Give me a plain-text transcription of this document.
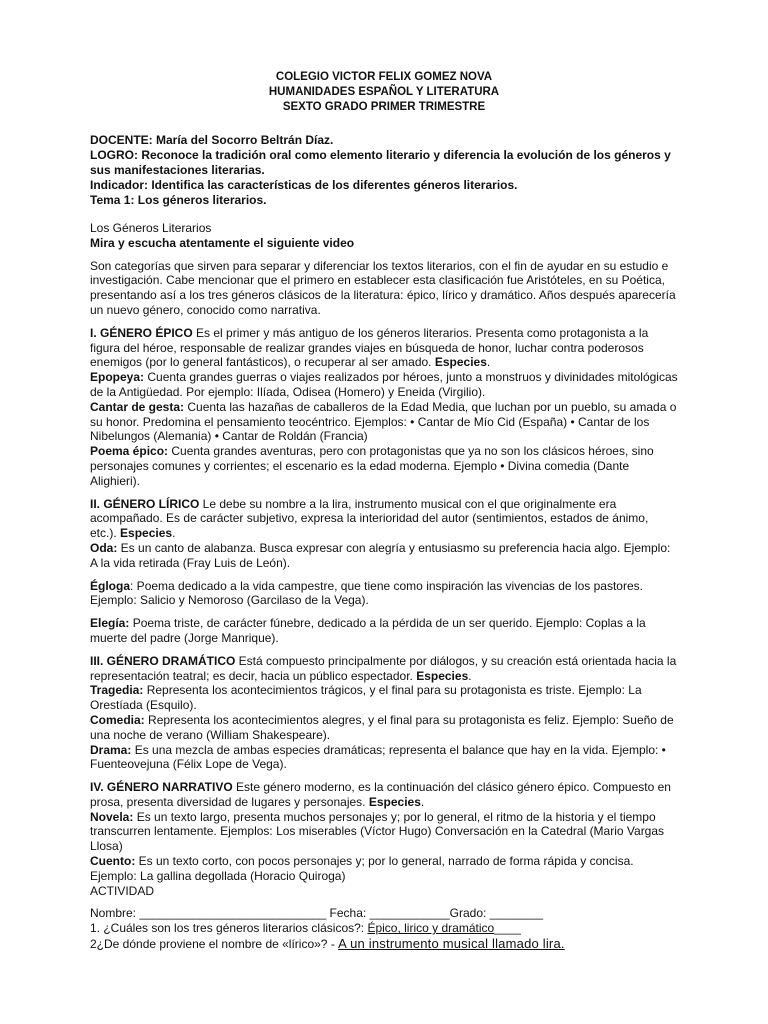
COLEGIO VICTOR FELIX GOMEZ NOVA
HUMANIDADES ESPAÑOL Y LITERATURA
SEXTO GRADO PRIMER TRIMESTRE

DOCENTE: María del Socorro Beltrán Díaz.

LOGRO: Reconoce la tradición oral como elemento literario y diferencia la evolución de los géneros y sus manifestaciones literarias.

Indicador: Identifica las características de los diferentes géneros literarios.

Tema 1: Los géneros literarios.

Los Géneros Literarios

Mira y escucha atentamente el siguiente video

Son categorías que sirven para separar y diferenciar los textos literarios, con el fin de ayudar en su estudio e investigación. Cabe mencionar que el primero en establecer esta clasificación fue Aristóteles, en su Poética, presentando así a los tres géneros clásicos de la literatura: épico, lírico y dramático. Años después aparecería un nuevo género, conocido como narrativa.

I. GÉNERO ÉPICO Es el primer y más antiguo de los géneros literarios. Presenta como protagonista a la figura del héroe, responsable de realizar grandes viajes en búsqueda de honor, luchar contra poderosos enemigos (por lo general fantásticos), o recuperar al ser amado. Especies.

Epopeya: Cuenta grandes guerras o viajes realizados por héroes, junto a monstruos y divinidades mitológicas de la Antigüedad. Por ejemplo: Ilíada, Odisea (Homero) y Eneida (Virgilio).

Cantar de gesta: Cuenta las hazañas de caballeros de la Edad Media, que luchan por un pueblo, su amada o su honor. Predomina el pensamiento teocéntrico. Ejemplos: • Cantar de Mío Cid (España) • Cantar de los Nibelungos (Alemania) • Cantar de Roldán (Francia)

Poema épico: Cuenta grandes aventuras, pero con protagonistas que ya no son los clásicos héroes, sino personajes comunes y corrientes; el escenario es la edad moderna. Ejemplo • Divina comedia (Dante Alighieri).

II. GÉNERO LÍRICO Le debe su nombre a la lira, instrumento musical con el que originalmente era acompañado. Es de carácter subjetivo, expresa la interioridad del autor (sentimientos, estados de ánimo, etc.). Especies.

Oda: Es un canto de alabanza. Busca expresar con alegría y entusiasmo su preferencia hacia algo. Ejemplo: A la vida retirada (Fray Luis de León).

Égloga: Poema dedicado a la vida campestre, que tiene como inspiración las vivencias de los pastores. Ejemplo: Salicio y Nemoroso (Garcilaso de la Vega).

Elegía: Poema triste, de carácter fúnebre, dedicado a la pérdida de un ser querido. Ejemplo: Coplas a la muerte del padre (Jorge Manrique).

III. GÉNERO DRAMÁTICO Está compuesto principalmente por diálogos, y su creación está orientada hacia la representación teatral; es decir, hacia un público espectador. Especies.

Tragedia: Representa los acontecimientos trágicos, y el final para su protagonista es triste. Ejemplo: La Orestíada (Esquilo).

Comedia: Representa los acontecimientos alegres, y el final para su protagonista es feliz. Ejemplo: Sueño de una noche de verano (William Shakespeare).

Drama: Es una mezcla de ambas especies dramáticas; representa el balance que hay en la vida. Ejemplo: • Fuenteovejuna (Félix Lope de Vega).

IV. GÉNERO NARRATIVO Este género moderno, es la continuación del clásico género épico. Compuesto en prosa, presenta diversidad de lugares y personajes. Especies.

Novela: Es un texto largo, presenta muchos personajes y; por lo general, el ritmo de la historia y el tiempo transcurren lentamente. Ejemplos: Los miserables (Víctor Hugo) Conversación en la Catedral (Mario Vargas Llosa)

Cuento: Es un texto corto, con pocos personajes y; por lo general, narrado de forma rápida y concisa. Ejemplo: La gallina degollada (Horacio Quiroga)

ACTIVIDAD

Nombre: ____________________________ Fecha: ____________Grado: ________

1. ¿Cuáles son los tres géneros literarios clásicos?: Épico, lirico y dramático____

2¿De dónde proviene el nombre de «lírico»? - A un instrumento musical llamado lira.
